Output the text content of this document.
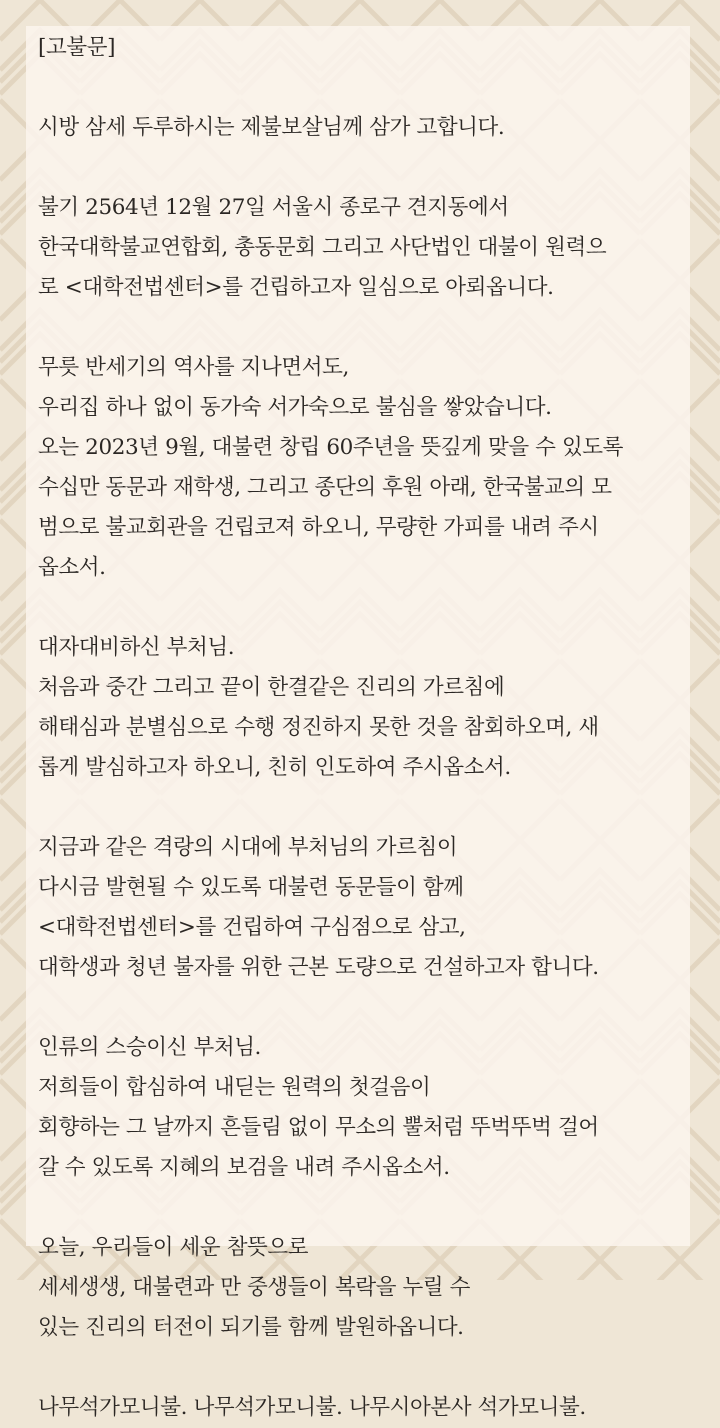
[고불문]
시방 삼세 두루하시는 제불보살님께 삼가 고합니다.
불기 2564년 12월 27일 서울시 종로구 견지동에서
한국대학불교연합회, 총동문회 그리고 사단법인 대불이 원력으
로 <대학전법센터>를 건립하고자 일심으로 아뢰옵니다.
무릇 반세기의 역사를 지나면서도,
우리집 하나 없이 동가숙 서가숙으로 불심을 쌓았습니다.
오는 2023년 9월, 대불련 창립 60주년을 뜻깊게 맞을 수 있도록
수십만 동문과 재학생, 그리고 종단의 후원 아래, 한국불교의 모
범으로 불교회관을 건립코져 하오니, 무량한 가피를 내려 주시
옵소서.
대자대비하신 부처님.
처음과 중간 그리고 끝이 한결같은 진리의 가르침에
해태심과 분별심으로 수행 정진하지 못한 것을 참회하오며, 새
롭게 발심하고자 하오니, 친히 인도하여 주시옵소서.
지금과 같은 격랑의 시대에 부처님의 가르침이
다시금 발현될 수 있도록 대불련 동문들이 함께
<대학전법센터>를 건립하여 구심점으로 삼고,
대학생과 청년 불자를 위한 근본 도량으로 건설하고자 합니다.
인류의 스승이신 부처님.
저희들이 합심하여 내딛는 원력의 첫걸음이
회향하는 그 날까지 흔들림 없이 무소의 뿔처럼 뚜벅뚜벅 걸어
갈 수 있도록 지혜의 보검을 내려 주시옵소서.
오늘, 우리들이 세운 참뜻으로
세세생생, 대불련과 만 중생들이 복락을 누릴 수
있는 진리의 터전이 되기를 함께 발원하옵니다.
나무석가모니불. 나무석가모니불. 나무시아본사 석가모니불.
